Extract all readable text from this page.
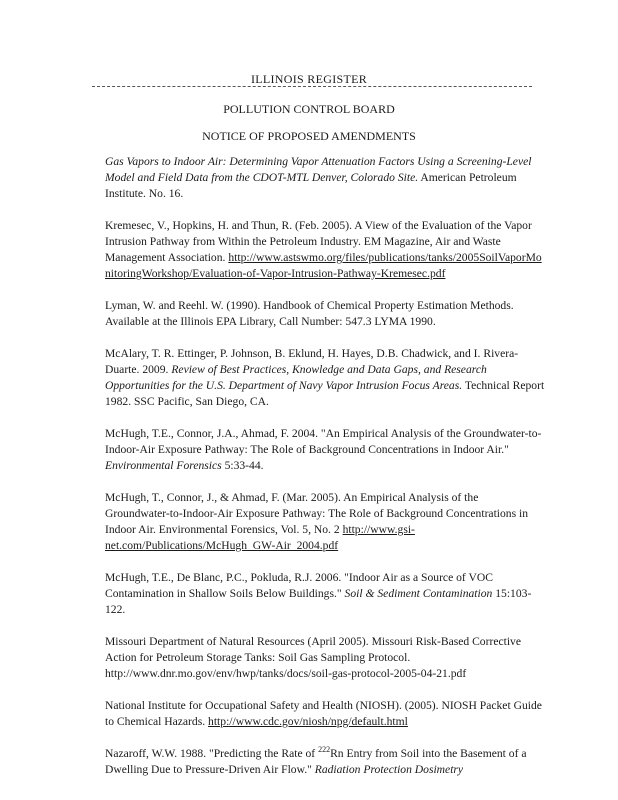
ILLINOIS REGISTER
POLLUTION CONTROL BOARD
NOTICE OF PROPOSED AMENDMENTS

Gas Vapors to Indoor Air: Determining Vapor Attenuation Factors Using a Screening-Level Model and Field Data from the CDOT-MTL Denver, Colorado Site. American Petroleum Institute. No. 16.

Kremesec, V., Hopkins, H. and Thun, R. (Feb. 2005). A View of the Evaluation of the Vapor Intrusion Pathway from Within the Petroleum Industry. EM Magazine, Air and Waste Management Association. http://www.astswmo.org/files/publications/tanks/2005SoilVaporMonitoringWorkshop/Evaluation-of-Vapor-Intrusion-Pathway-Kremesec.pdf

Lyman, W. and Reehl. W. (1990). Handbook of Chemical Property Estimation Methods. Available at the Illinois EPA Library, Call Number: 547.3 LYMA 1990.

McAlary, T. R. Ettinger, P. Johnson, B. Eklund, H. Hayes, D.B. Chadwick, and I. Rivera-Duarte. 2009. Review of Best Practices, Knowledge and Data Gaps, and Research Opportunities for the U.S. Department of Navy Vapor Intrusion Focus Areas. Technical Report 1982. SSC Pacific, San Diego, CA.

McHugh, T.E., Connor, J.A., Ahmad, F. 2004. "An Empirical Analysis of the Groundwater-to-Indoor-Air Exposure Pathway: The Role of Background Concentrations in Indoor Air." Environmental Forensics 5:33-44.

McHugh, T., Connor, J., & Ahmad, F. (Mar. 2005). An Empirical Analysis of the Groundwater-to-Indoor-Air Exposure Pathway: The Role of Background Concentrations in Indoor Air. Environmental Forensics, Vol. 5, No. 2 http://www.gsi-net.com/Publications/McHugh_GW-Air_2004.pdf

McHugh, T.E., De Blanc, P.C., Pokluda, R.J. 2006. "Indoor Air as a Source of VOC Contamination in Shallow Soils Below Buildings." Soil & Sediment Contamination 15:103-122.

Missouri Department of Natural Resources (April 2005). Missouri Risk-Based Corrective Action for Petroleum Storage Tanks: Soil Gas Sampling Protocol. http://www.dnr.mo.gov/env/hwp/tanks/docs/soil-gas-protocol-2005-04-21.pdf

National Institute for Occupational Safety and Health (NIOSH). (2005). NIOSH Packet Guide to Chemical Hazards. http://www.cdc.gov/niosh/npg/default.html

Nazaroff, W.W. 1988. "Predicting the Rate of $^{222}$Rn Entry from Soil into the Basement of a Dwelling Due to Pressure-Driven Air Flow." Radiation Protection Dosimetry
